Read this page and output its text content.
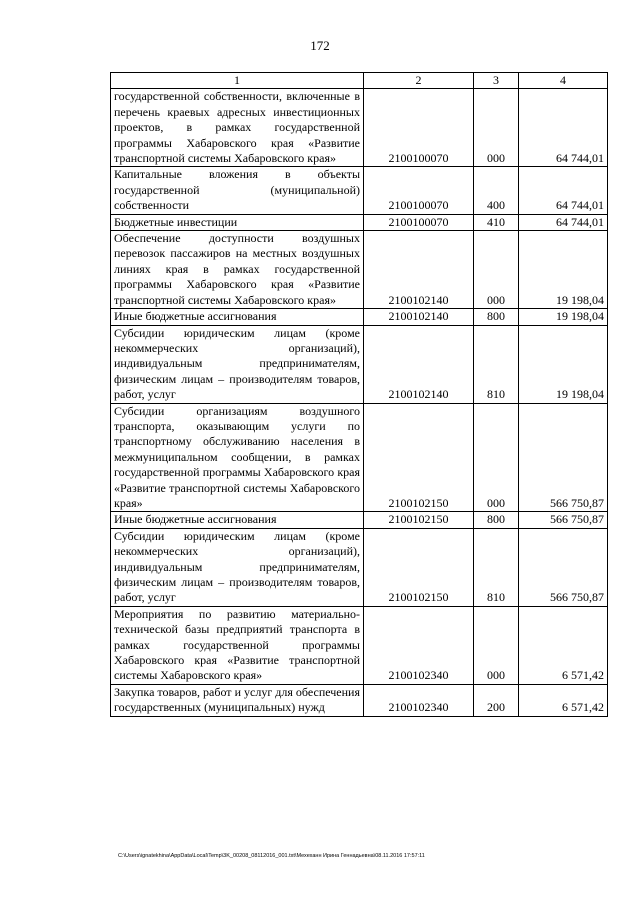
172
1	2	3	4
государственной собственности, включенные в перечень краевых адресных инвестиционных проектов, в рамках государственной программы Хабаровского края «Развитие транспортной системы Хабаровского края»	2100100070	000	64 744,01
Капитальные вложения в объекты государственной (муниципальной) собственности	2100100070	400	64 744,01
Бюджетные инвестиции	2100100070	410	64 744,01
Обеспечение доступности воздушных перевозок пассажиров на местных воздушных линиях края в рамках государственной программы Хабаровского края «Развитие транспортной системы Хабаровского края»	2100102140	000	19 198,04
Иные бюджетные ассигнования	2100102140	800	19 198,04
Субсидии юридическим лицам (кроме некоммерческих организаций), индивидуальным предпринимателям, физическим лицам – производителям товаров, работ, услуг	2100102140	810	19 198,04
Субсидии организациям воздушного транспорта, оказывающим услуги по транспортному обслуживанию населения в межмуниципальном сообщении, в рамках государственной программы Хабаровского края «Развитие транспортной системы Хабаровского края»	2100102150	000	566 750,87
Иные бюджетные ассигнования	2100102150	800	566 750,87
Субсидии юридическим лицам (кроме некоммерческих организаций), индивидуальным предпринимателям, физическим лицам – производителям товаров, работ, услуг	2100102150	810	566 750,87
Мероприятия по развитию материально-технической базы предприятий транспорта в рамках государственной программы Хабаровского края «Развитие транспортной системы Хабаровского края»	2100102340	000	6 571,42
Закупка товаров, работ и услуг для обеспечения государственных (муниципальных) нужд	2100102340	200	6 571,42
C:\Users\ignatekhina\AppData\Local\Temp\3K_00208_08112016_001.txt\Мехеханн Ирина Геннадьевна\08.11.2016 17:57:11
